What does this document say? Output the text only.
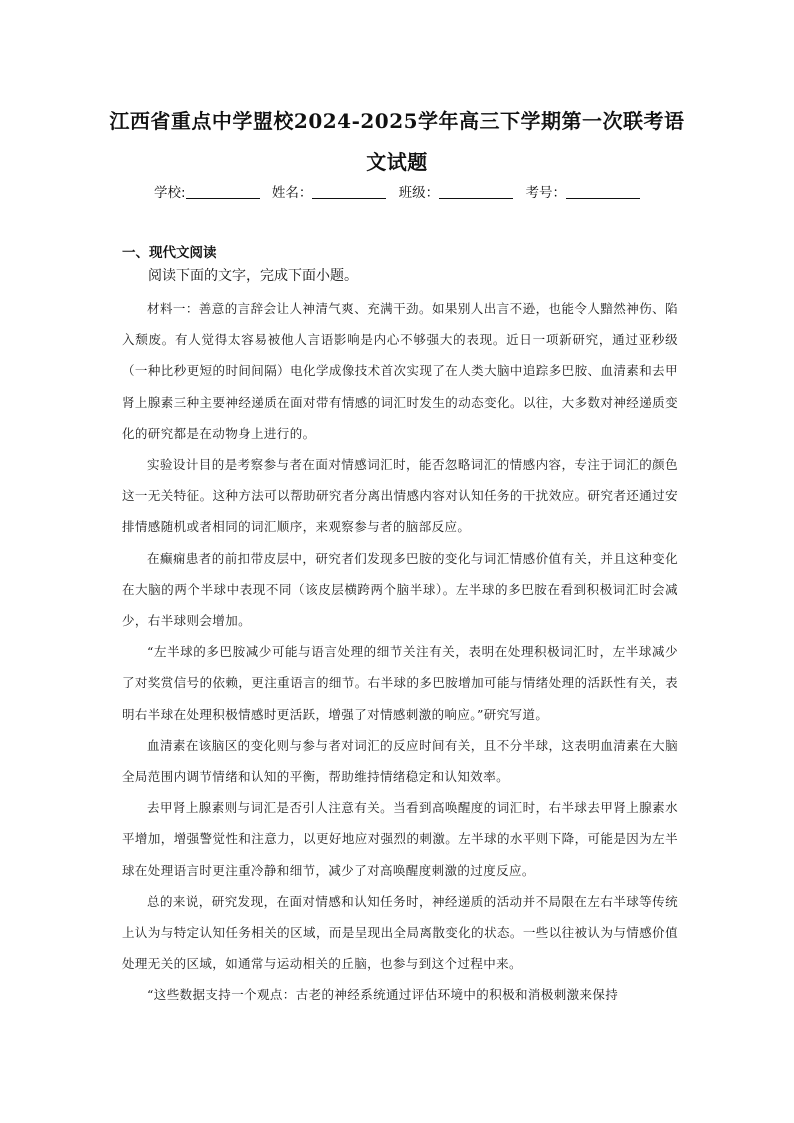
江西省重点中学盟校2024-2025学年高三下学期第一次联考语
文试题
学校:	姓名：	班级：	考号：
一、现代文阅读
阅读下面的文字，完成下面小题。

材料一：善意的言辞会让人神清气爽、充满干劲。如果别人出言不逊，也能令人黯然神伤、陷入颓废。有人觉得太容易被他人言语影响是内心不够强大的表现。近日一项新研究，通过亚秒级（一种比秒更短的时间间隔）电化学成像技术首次实现了在人类大脑中追踪多巴胺、血清素和去甲肾上腺素三种主要神经递质在面对带有情感的词汇时发生的动态变化。以往，大多数对神经递质变化的研究都是在动物身上进行的。

实验设计目的是考察参与者在面对情感词汇时，能否忽略词汇的情感内容，专注于词汇的颜色这一无关特征。这种方法可以帮助研究者分离出情感内容对认知任务的干扰效应。研究者还通过安排情感随机或者相同的词汇顺序，来观察参与者的脑部反应。

在癫痫患者的前扣带皮层中，研究者们发现多巴胺的变化与词汇情感价值有关，并且这种变化在大脑的两个半球中表现不同（该皮层横跨两个脑半球）。左半球的多巴胺在看到积极词汇时会减少，右半球则会增加。

“左半球的多巴胺减少可能与语言处理的细节关注有关，表明在处理积极词汇时，左半球减少了对奖赏信号的依赖，更注重语言的细节。右半球的多巴胺增加可能与情绪处理的活跃性有关，表明右半球在处理积极情感时更活跃，增强了对情感刺激的响应。”研究写道。

血清素在该脑区的变化则与参与者对词汇的反应时间有关，且不分半球，这表明血清素在大脑全局范围内调节情绪和认知的平衡，帮助维持情绪稳定和认知效率。

去甲肾上腺素则与词汇是否引人注意有关。当看到高唤醒度的词汇时，右半球去甲肾上腺素水平增加，增强警觉性和注意力，以更好地应对强烈的刺激。左半球的水平则下降，可能是因为左半球在处理语言时更注重冷静和细节，减少了对高唤醒度刺激的过度反应。

总的来说，研究发现，在面对情感和认知任务时，神经递质的活动并不局限在左右半球等传统上认为与特定认知任务相关的区域，而是呈现出全局离散变化的状态。一些以往被认为与情感价值处理无关的区域，如通常与运动相关的丘脑，也参与到这个过程中来。

“这些数据支持一个观点：古老的神经系统通过评估环境中的积极和消极刺激来保持
